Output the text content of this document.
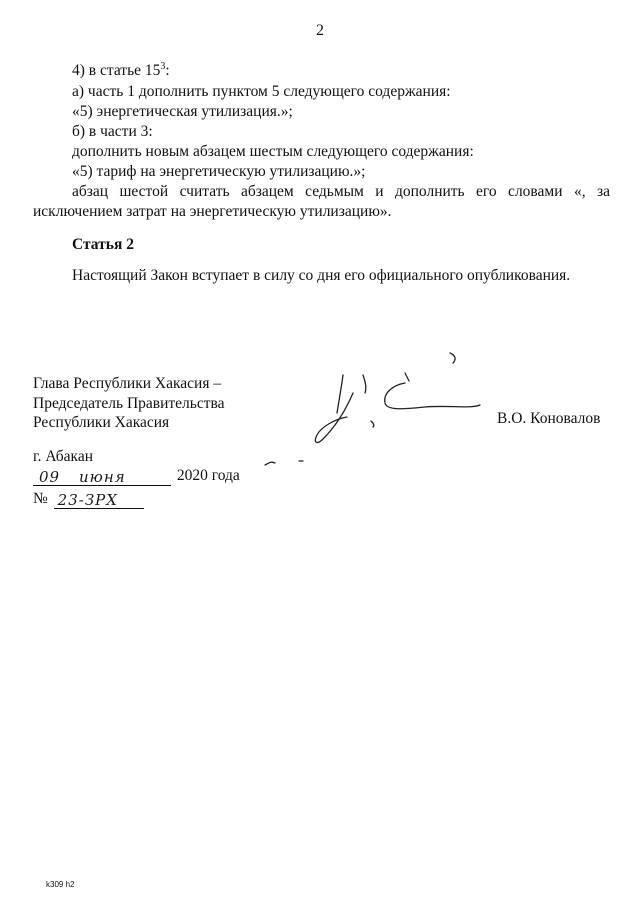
2
4) в статье $15^3$:
а) часть 1 дополнить пунктом 5 следующего содержания:
«5) энергетическая утилизация.»;
б) в части 3:
дополнить новым абзацем шестым следующего содержания:
«5) тариф на энергетическую утилизацию.»;
абзац шестой считать абзацем седьмым и дополнить его словами «, за
исключением затрат на энергетическую утилизацию».
Статья 2
Настоящий Закон вступает в силу со дня его официального опубликования.
Глава Республики Хакасия –
Председатель Правительства
Республики Хакасия	В.О. Коновалов
г. Абакан
09 июня	2020 года
№ 23-ЗРХ
k309 h2
